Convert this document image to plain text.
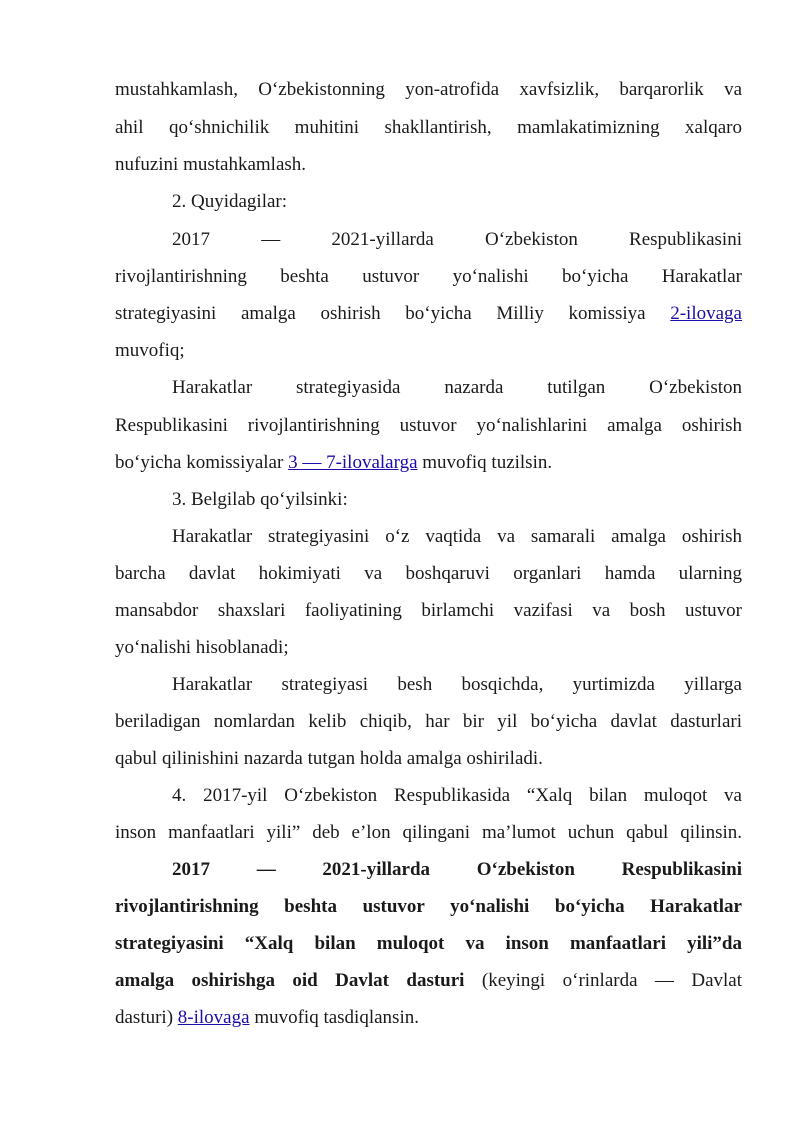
mustahkamlash, O‘zbekistonning yon-atrofida xavfsizlik, barqarorlik va
ahil qo‘shnichilik muhitini shakllantirish, mamlakatimizning xalqaro
nufuzini mustahkamlash.
2. Quyidagilar:
2017 — 2021-yillarda O‘zbekiston Respublikasini
rivojlantirishning beshta ustuvor yo‘nalishi bo‘yicha Harakatlar
strategiyasini amalga oshirish bo‘yicha Milliy komissiya 2-ilovaga
muvofiq;
Harakatlar strategiyasida nazarda tutilgan O‘zbekiston
Respublikasini rivojlantirishning ustuvor yo‘nalishlarini amalga oshirish
bo‘yicha komissiyalar 3 — 7-ilovalarga muvofiq tuzilsin.
3. Belgilab qo‘yilsinki:
Harakatlar strategiyasini o‘z vaqtida va samarali amalga oshirish
barcha davlat hokimiyati va boshqaruvi organlari hamda ularning
mansabdor shaxslari faoliyatining birlamchi vazifasi va bosh ustuvor
yo‘nalishi hisoblanadi;
Harakatlar strategiyasi besh bosqichda, yurtimizda yillarga
beriladigan nomlardan kelib chiqib, har bir yil bo‘yicha davlat dasturlari
qabul qilinishini nazarda tutgan holda amalga oshiriladi.
4. 2017-yil O‘zbekiston Respublikasida “Xalq bilan muloqot va
inson manfaatlari yili” deb e’lon qilingani ma’lumot uchun qabul qilinsin.
2017 — 2021-yillarda O‘zbekiston Respublikasini
rivojlantirishning beshta ustuvor yo‘nalishi bo‘yicha Harakatlar
strategiyasini “Xalq bilan muloqot va inson manfaatlari yili”da
amalga oshirishga oid Davlat dasturi (keyingi o‘rinlarda — Davlat
dasturi) 8-ilovaga muvofiq tasdiqlansin.
